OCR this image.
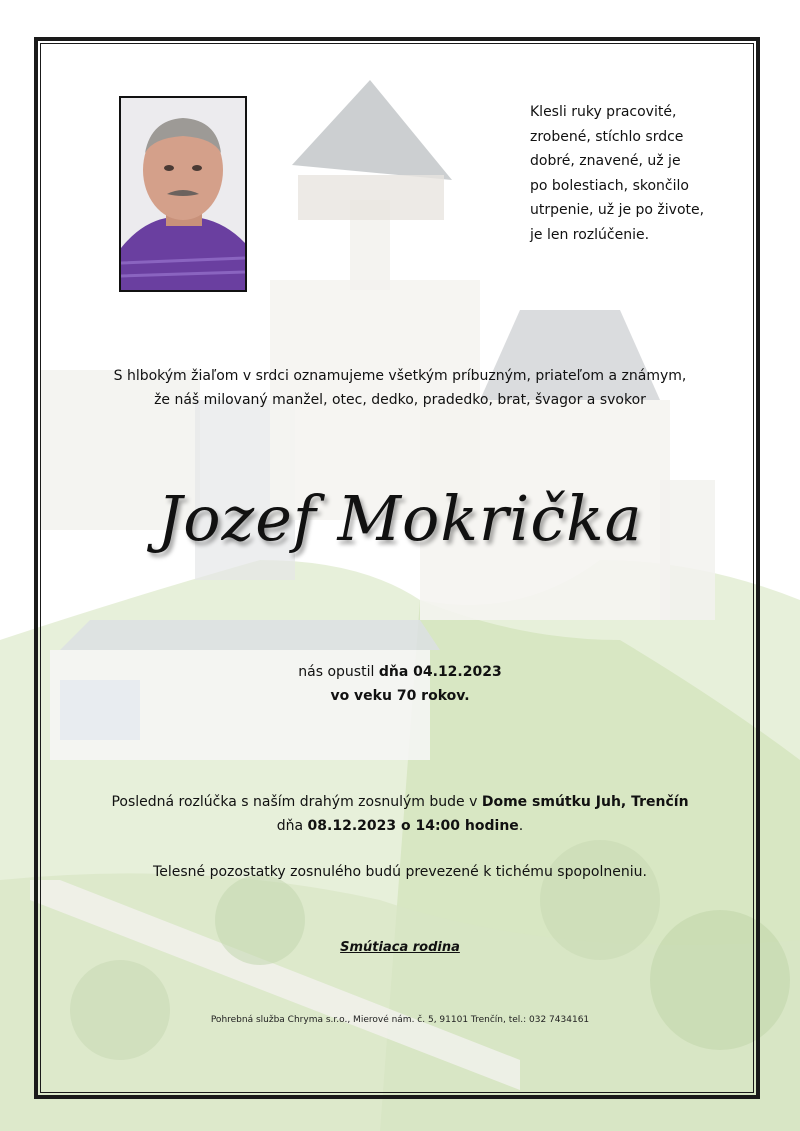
Klesli ruky pracovité,
zrobené, stíchlo srdce
dobré, znavené, už je
po bolestiach, skončilo
utrpenie, už je po živote,
je len rozlúčenie.
S hlbokým žiaľom v srdci oznamujeme všetkým príbuzným, priateľom a známym,
že náš milovaný manžel, otec, dedko, pradedko, brat, švagor a svokor
Jozef Mokrička
nás opustil dňa 04.12.2023
vo veku 70 rokov.
Posledná rozlúčka s naším drahým zosnulým bude v Dome smútku Juh, Trenčín
dňa 08.12.2023 o 14:00 hodine.
Telesné pozostatky zosnulého budú prevezené k tichému spopolneniu.
Smútiaca rodina
Pohrebná služba Chryma s.r.o., Mierové nám. č. 5, 91101 Trenčín, tel.: 032 7434161
